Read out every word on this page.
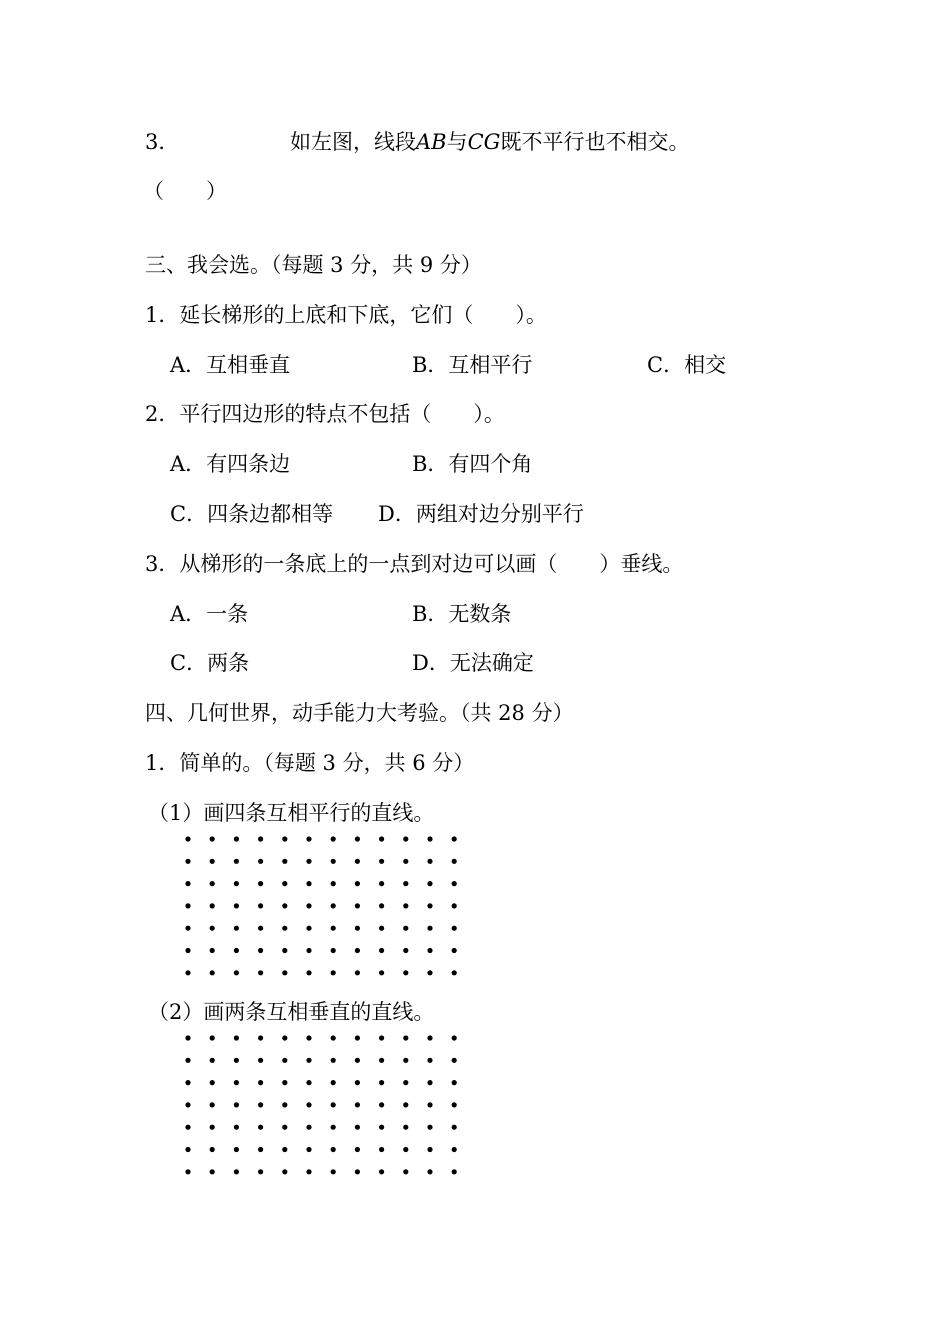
3．	如左图，线段AB与CG既不平行也不相交。
（　　）
三、我会选。（每题 3 分，共 9 分）
1．延长梯形的上底和下底，它们（　　）。
A．互相垂直	B．互相平行	C．相交
2．平行四边形的特点不包括（　　）。
A．有四条边	B．有四个角
C．四条边都相等 D．两组对边分别平行
3．从梯形的一条底上的一点到对边可以画（　　）垂线。
A．一条	B．无数条
C．两条	D．无法确定
四、几何世界，动手能力大考验。（共 28 分）
1．简单的。（每题 3 分，共 6 分）
（1）画四条互相平行的直线。
（2）画两条互相垂直的直线。
